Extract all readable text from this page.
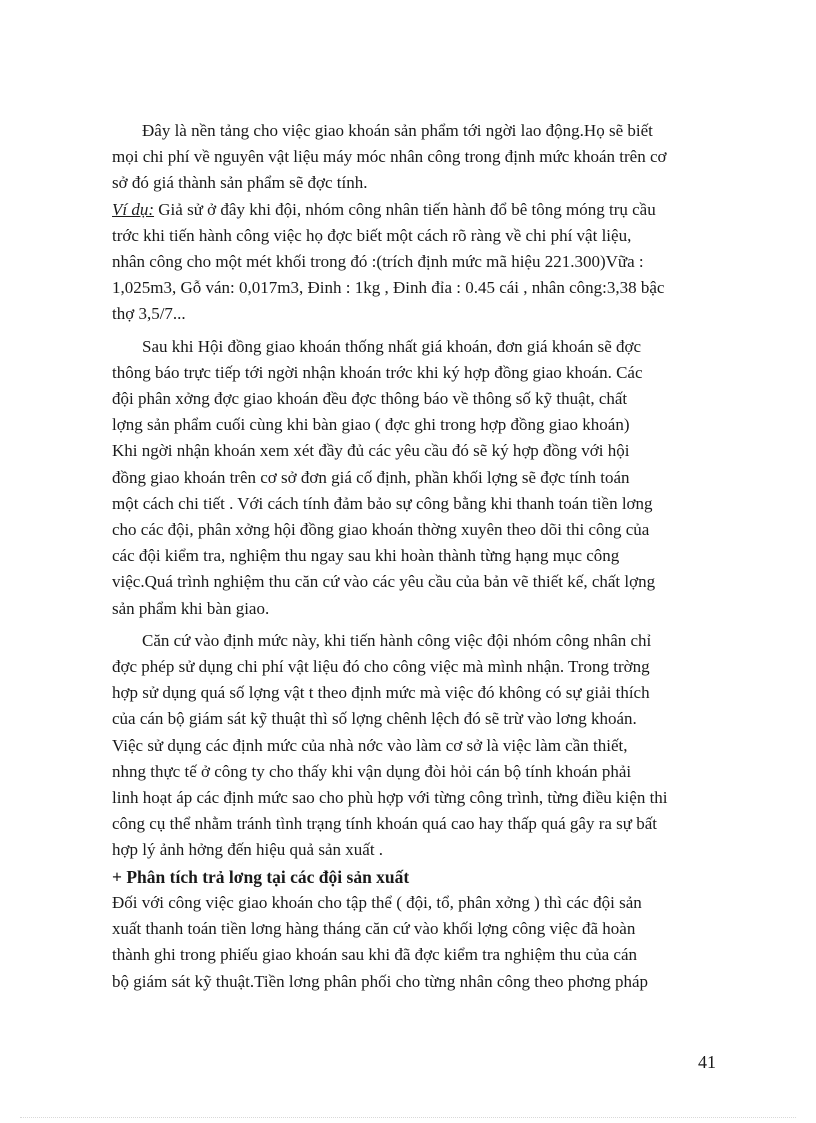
Đây là nền tảng cho việc giao khoán sản phẩm tới ngời lao động.Họ sẽ biết
mọi chi phí về nguyên vật liệu máy móc nhân công trong định mức khoán trên cơ
sở đó giá thành sản phẩm sẽ đợc tính.
Ví dụ: Giả sử ở đây khi đội, nhóm công nhân tiến hành đổ bê tông móng trụ cầu
trớc khi tiến hành công việc họ đợc biết một cách rõ ràng về chi phí vật liệu,
nhân công cho một mét khối trong đó :(trích định mức mã hiệu 221.300)Vữa :
1,025m3, Gỗ ván: 0,017m3, Đinh : 1kg , Đinh đỉa : 0.45 cái , nhân công:3,38 bậc
thợ 3,5/7...
Sau khi Hội đồng giao khoán thống nhất giá khoán, đơn giá khoán sẽ đợc
thông báo trực tiếp tới ngời nhận khoán trớc khi ký hợp đồng giao khoán. Các
đội phân xởng đợc giao khoán đều đợc thông báo về thông số kỹ thuật, chất
lợng sản phẩm cuối cùng khi bàn giao ( đợc ghi trong hợp đồng giao khoán)
Khi ngời nhận khoán xem xét đầy đủ các yêu cầu đó sẽ ký hợp đồng với hội
đồng giao khoán trên cơ sở đơn giá cố định, phần khối lợng sẽ đợc tính toán
một cách chi tiết . Với cách tính đảm bảo sự công bằng khi thanh toán tiền lơng
cho các đội, phân xởng hội đồng giao khoán thờng xuyên theo dõi thi công của
các đội kiểm tra, nghiệm thu ngay sau khi hoàn thành từng hạng mục công
việc.Quá trình nghiệm thu căn cứ vào các yêu cầu của bản vẽ thiết kế, chất lợng
sản phẩm khi bàn giao.
Căn cứ vào định mức này, khi tiến hành công việc đội nhóm công nhân chỉ
đợc phép sử dụng chi phí vật liệu đó cho công việc mà mình nhận. Trong trờng
hợp sử dụng quá số lợng vật t theo định mức mà việc đó không có sự giải thích
của cán bộ giám sát kỹ thuật thì số lợng chênh lệch đó sẽ trừ vào lơng khoán.
Việc sử dụng các định mức của nhà nớc vào làm cơ sở là việc làm cần thiết,
nhng thực tế ở công ty cho thấy khi vận dụng đòi hỏi cán bộ tính khoán phải
linh hoạt áp các định mức sao cho phù hợp với từng công trình, từng điều kiện thi
công cụ thể nhằm tránh tình trạng tính khoán quá cao hay thấp quá gây ra sự bất
hợp lý ảnh hởng đến hiệu quả sản xuất .
+ Phân tích trả lơng tại các đội sản xuất
Đối với công việc giao khoán cho tập thể ( đội, tổ, phân xởng ) thì các đội sản
xuất thanh toán tiền lơng hàng tháng căn cứ vào khối lợng công việc đã hoàn
thành ghi trong phiếu giao khoán sau khi đã đợc kiểm tra nghiệm thu của cán
bộ giám sát kỹ thuật.Tiền lơng phân phối cho từng nhân công theo phơng pháp
41
